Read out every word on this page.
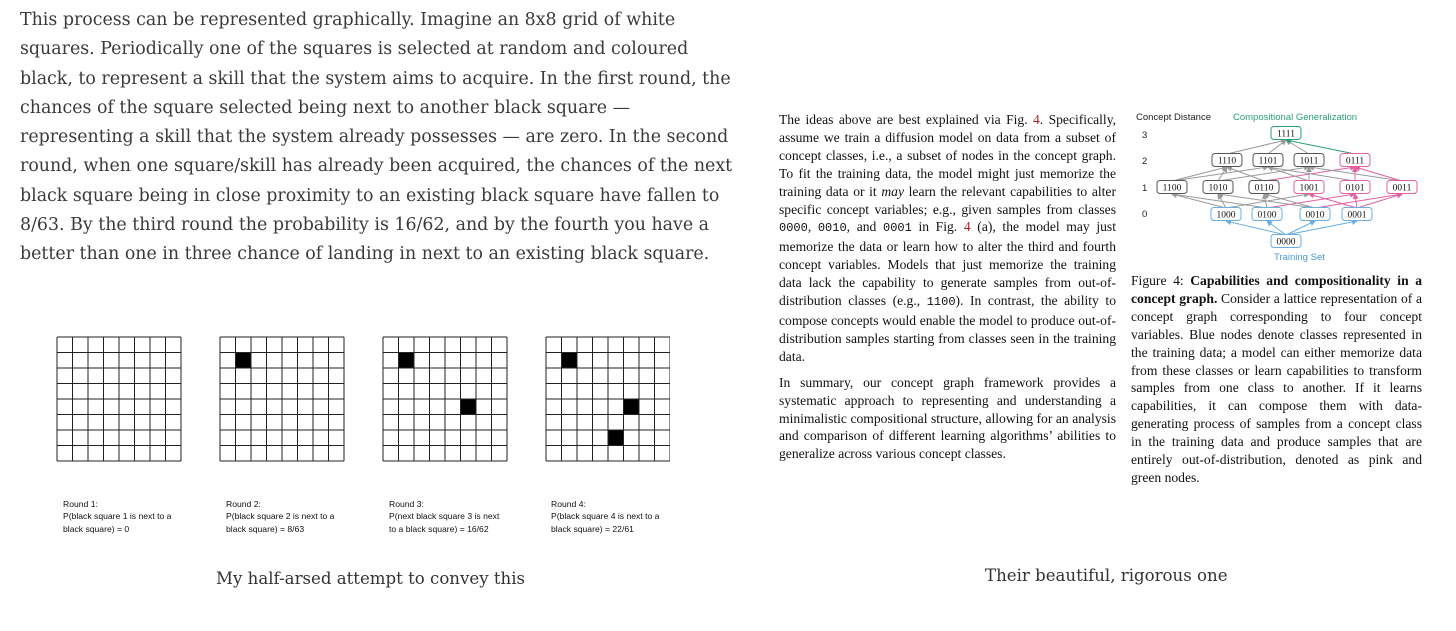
This process can be represented graphically. Imagine an 8x8 grid of white squares. Periodically one of the squares is selected at random and coloured black, to represent a skill that the system aims to acquire. In the first round, the chances of the square selected being next to another black square — representing a skill that the system already possesses — are zero. In the second round, when one square/skill has already been acquired, the chances of the next black square being in close proximity to an existing black square have fallen to 8/63. By the third round the probability is 16/62, and by the fourth you have a better than one in three chance of landing in next to an existing black square.

Round 1:
P(black square 1 is next to a
black square) = 0
Round 2:
P(black square 2 is next to a
black square) = 8/63
Round 3:
P(next black square 3 is next
to a black square) = 16/62
Round 4:
P(black square 4 is next to a
black square) = 22/61
My half-arsed attempt to convey this

The ideas above are best explained via Fig. 4. Specifically, assume we train a diffusion model on data from a subset of concept classes, i.e., a subset of nodes in the concept graph. To fit the training data, the model might just memorize the training data or it may learn the relevant capabilities to alter specific concept variables; e.g., given samples from classes 0000, 0010, and 0001 in Fig. 4 (a), the model may just memorize the data or learn how to alter the third and fourth concept variables. Models that just memorize the training data lack the capability to generate samples from out-of-distribution classes (e.g., 1100). In contrast, the ability to compose concepts would enable the model to produce out-of-distribution samples starting from classes seen in the training data.

In summary, our concept graph framework provides a systematic approach to representing and understanding a minimalistic compositional structure, allowing for an analysis and comparison of different learning algorithms’ abilities to generalize across various concept classes.

Concept Distance Compositional Generalization
3
2
1
0
1111
1110 1101 1011	0111
1100	1010	0110	1001	0101	0011
1000 0100	0010 0001
0000
Training Set

Figure 4: Capabilities and compositionality in a concept graph. Consider a lattice representation of a concept graph corresponding to four concept variables. Blue nodes denote classes represented in the training data; a model can either memorize data from these classes or learn capabilities to transform samples from one class to another. If it learns capabilities, it can compose them with data-generating process of samples from a concept class in the training data and produce samples that are entirely out-of-distribution, denoted as pink and green nodes.

Their beautiful, rigorous one
